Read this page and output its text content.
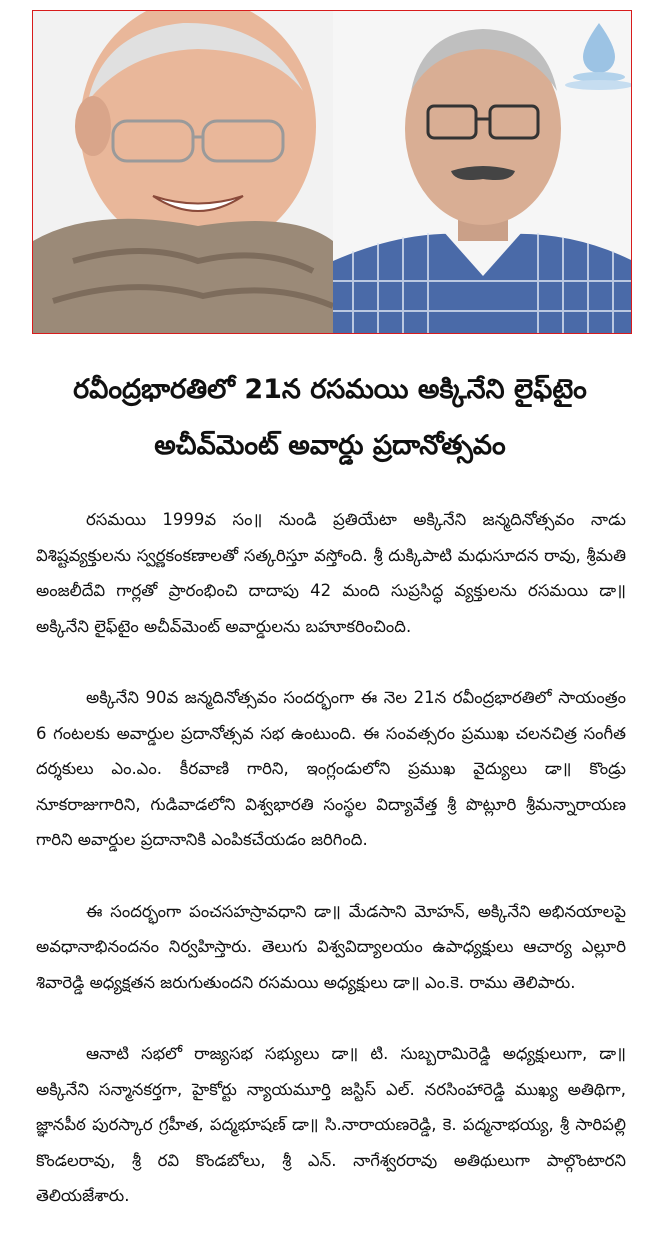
రవీంద్రభారతిలో 21న రసమయి అక్కినేని లైఫ్‌టైం
అచీవ్‌మెంట్ అవార్డు ప్రదానోత్సవం

రసమయి 1999వ సం॥ నుండి ప్రతియేటా అక్కినేని జన్మదినోత్సవం నాడు విశిష్టవ్యక్తులను స్వర్ణకంకణాలతో సత్కరిస్తూ వస్తోంది. శ్రీ దుక్కిపాటి మధుసూదన రావు, శ్రీమతి అంజలీదేవి గార్లతో ప్రారంభించి దాదాపు 42 మంది సుప్రసిద్ధ వ్యక్తులను రసమయి డా॥ అక్కినేని లైఫ్‌టైం అచీవ్‌మెంట్ అవార్డులను బహూకరించింది.

అక్కినేని 90వ జన్మదినోత్సవం సందర్భంగా ఈ నెల 21న రవీంద్రభారతిలో సాయంత్రం 6 గంటలకు అవార్డుల ప్రదానోత్సవ సభ ఉంటుంది. ఈ సంవత్సరం ప్రముఖ చలనచిత్ర సంగీత దర్శకులు ఎం.ఎం. కీరవాణి గారిని, ఇంగ్లండులోని ప్రముఖ వైద్యులు డా॥ కొండ్రు నూకరాజుగారిని, గుడివాడలోని విశ్వభారతి సంస్థల విద్యావేత్త శ్రీ పొట్లూరి శ్రీమన్నారాయణ గారిని అవార్డుల ప్రదానానికి ఎంపికచేయడం జరిగింది.

ఈ సందర్భంగా పంచసహస్రావధాని డా॥ మేడసాని మోహన్, అక్కినేని అభినయాలపై అవధానాభినందనం నిర్వహిస్తారు. తెలుగు విశ్వవిద్యాలయం ఉపాధ్యక్షులు ఆచార్య ఎల్లూరి శివారెడ్డి అధ్యక్షతన జరుగుతుందని రసమయి అధ్యక్షులు డా॥ ఎం.కె. రాము తెలిపారు.

ఆనాటి సభలో రాజ్యసభ సభ్యులు డా॥ టి. సుబ్బరామిరెడ్డి అధ్యక్షులుగా, డా॥ అక్కినేని సన్మానకర్తగా, హైకోర్టు న్యాయమూర్తి జస్టిస్ ఎల్. నరసింహారెడ్డి ముఖ్య అతిథిగా, జ్ఞానపీఠ పురస్కార గ్రహీత, పద్మభూషణ్ డా॥ సి.నారాయణరెడ్డి, కె. పద్మనాభయ్య, శ్రీ సారిపల్లి కొండలరావు, శ్రీ రవి కొండబోలు, శ్రీ ఎన్. నాగేశ్వరరావు అతిథులుగా పాల్గొంటారని తెలియజేశారు.
